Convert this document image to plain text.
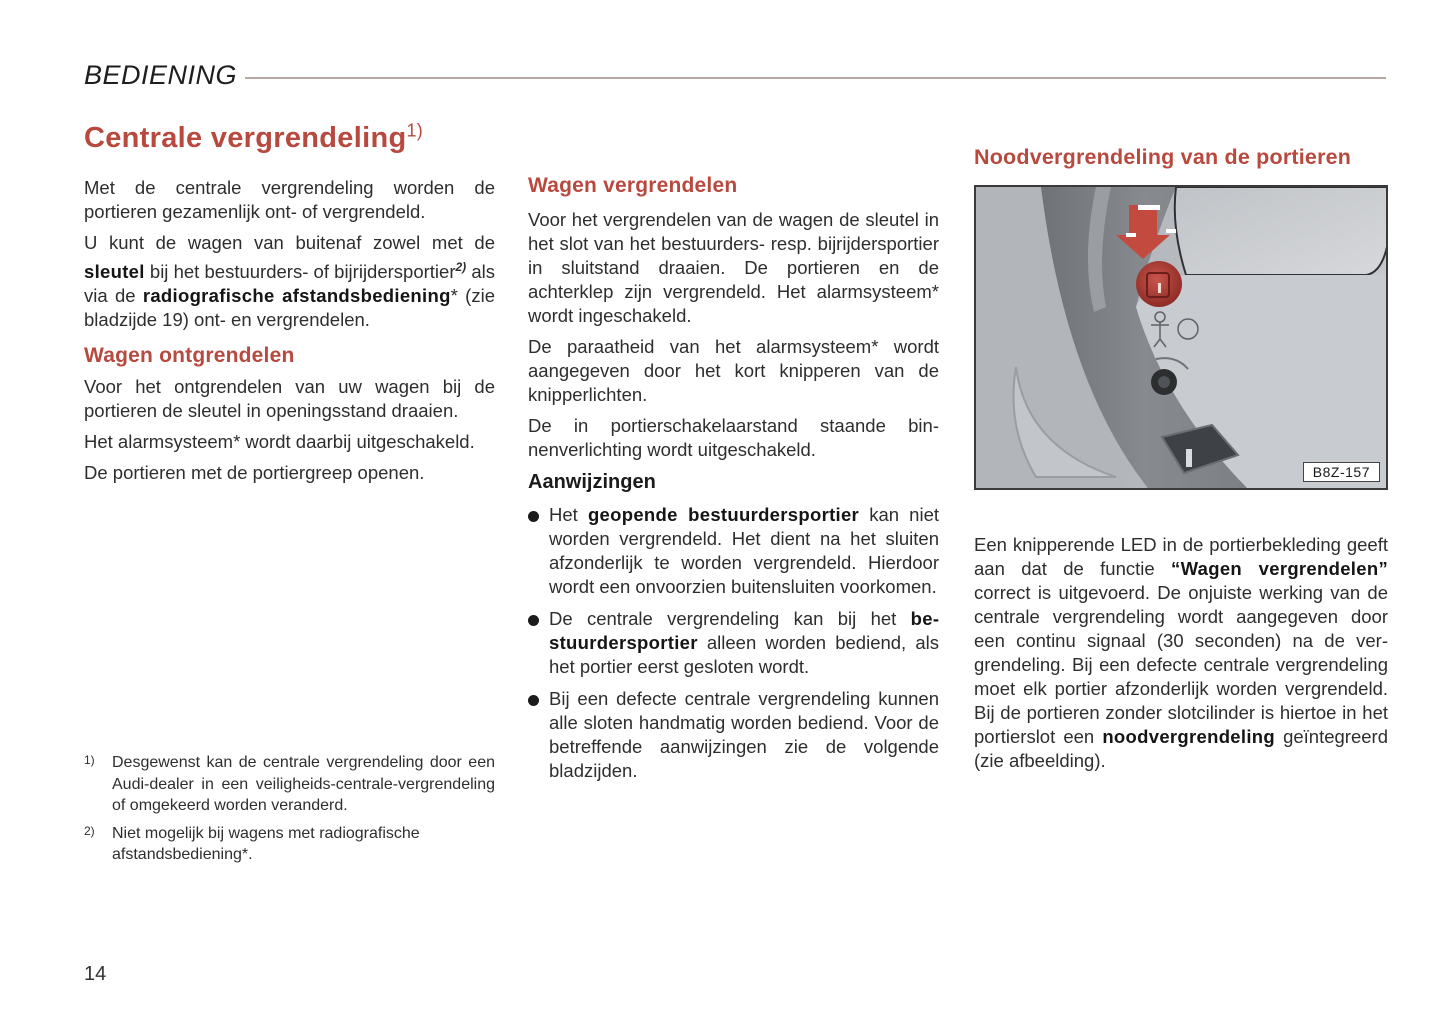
BEDIENING
Centrale vergrendeling$^{1)}$

Met de centrale vergrendeling worden de portieren gezamenlijk ont- of vergrendeld.

U kunt de wagen van buitenaf zowel met de sleutel bij het bestuurders- of bijrijdersportier$^{2)}$ als via de radiografische afstandsbediening* (zie bladzijde 19) ont- en vergrendelen.

Wagen ontgrendelen

Voor het ontgrendelen van uw wagen bij de portieren de sleutel in openingsstand draaien.

Het alarmsysteem* wordt daarbij uitgeschakeld.

De portieren met de portiergreep openen.

1)	Desgewenst kan de centrale vergrendeling door een Audi-dealer in een veiligheids-centrale-vergrendeling of omgekeerd worden veranderd.
2)	Niet mogelijk bij wagens met radiografische afstandsbediening*.
Wagen vergrendelen

Voor het vergrendelen van de wagen de sleutel in het slot van het bestuurders- resp. bijrijdersportier in sluitstand draaien. De portieren en de achterklep zijn vergrendeld. Het alarmsysteem* wordt ingeschakeld.

De paraatheid van het alarmsysteem* wordt aangegeven door het kort knipperen van de knipperlichten.

De in portierschakelaarstand staande binnenverlichting wordt uitgeschakeld.

Aanwijzingen

Het geopende bestuurdersportier kan niet worden vergrendeld. Het dient na het sluiten afzonderlijk te worden vergrendeld. Hierdoor wordt een onvoorzien buitensluiten voorkomen.

De centrale vergrendeling kan bij het bestuurdersportier alleen worden bediend, als het portier eerst gesloten wordt.

Bij een defecte centrale vergrendeling kunnen alle sloten handmatig worden bediend. Voor de betreffende aanwijzingen zie de volgende bladzijden.

Noodvergrendeling van de portieren
B8Z-157

Een knipperende LED in de portierbekleding geeft aan dat de functie “Wagen vergrendelen” correct is uitgevoerd. De onjuiste werking van de centrale vergrendeling wordt aangegeven door een continu signaal (30 seconden) na de vergrendeling. Bij een defecte centrale vergrendeling moet elk portier afzonderlijk worden vergrendeld. Bij de portieren zonder slotcilinder is hiertoe in het portierslot een noodvergrendeling geïntegreerd (zie afbeelding).

14
